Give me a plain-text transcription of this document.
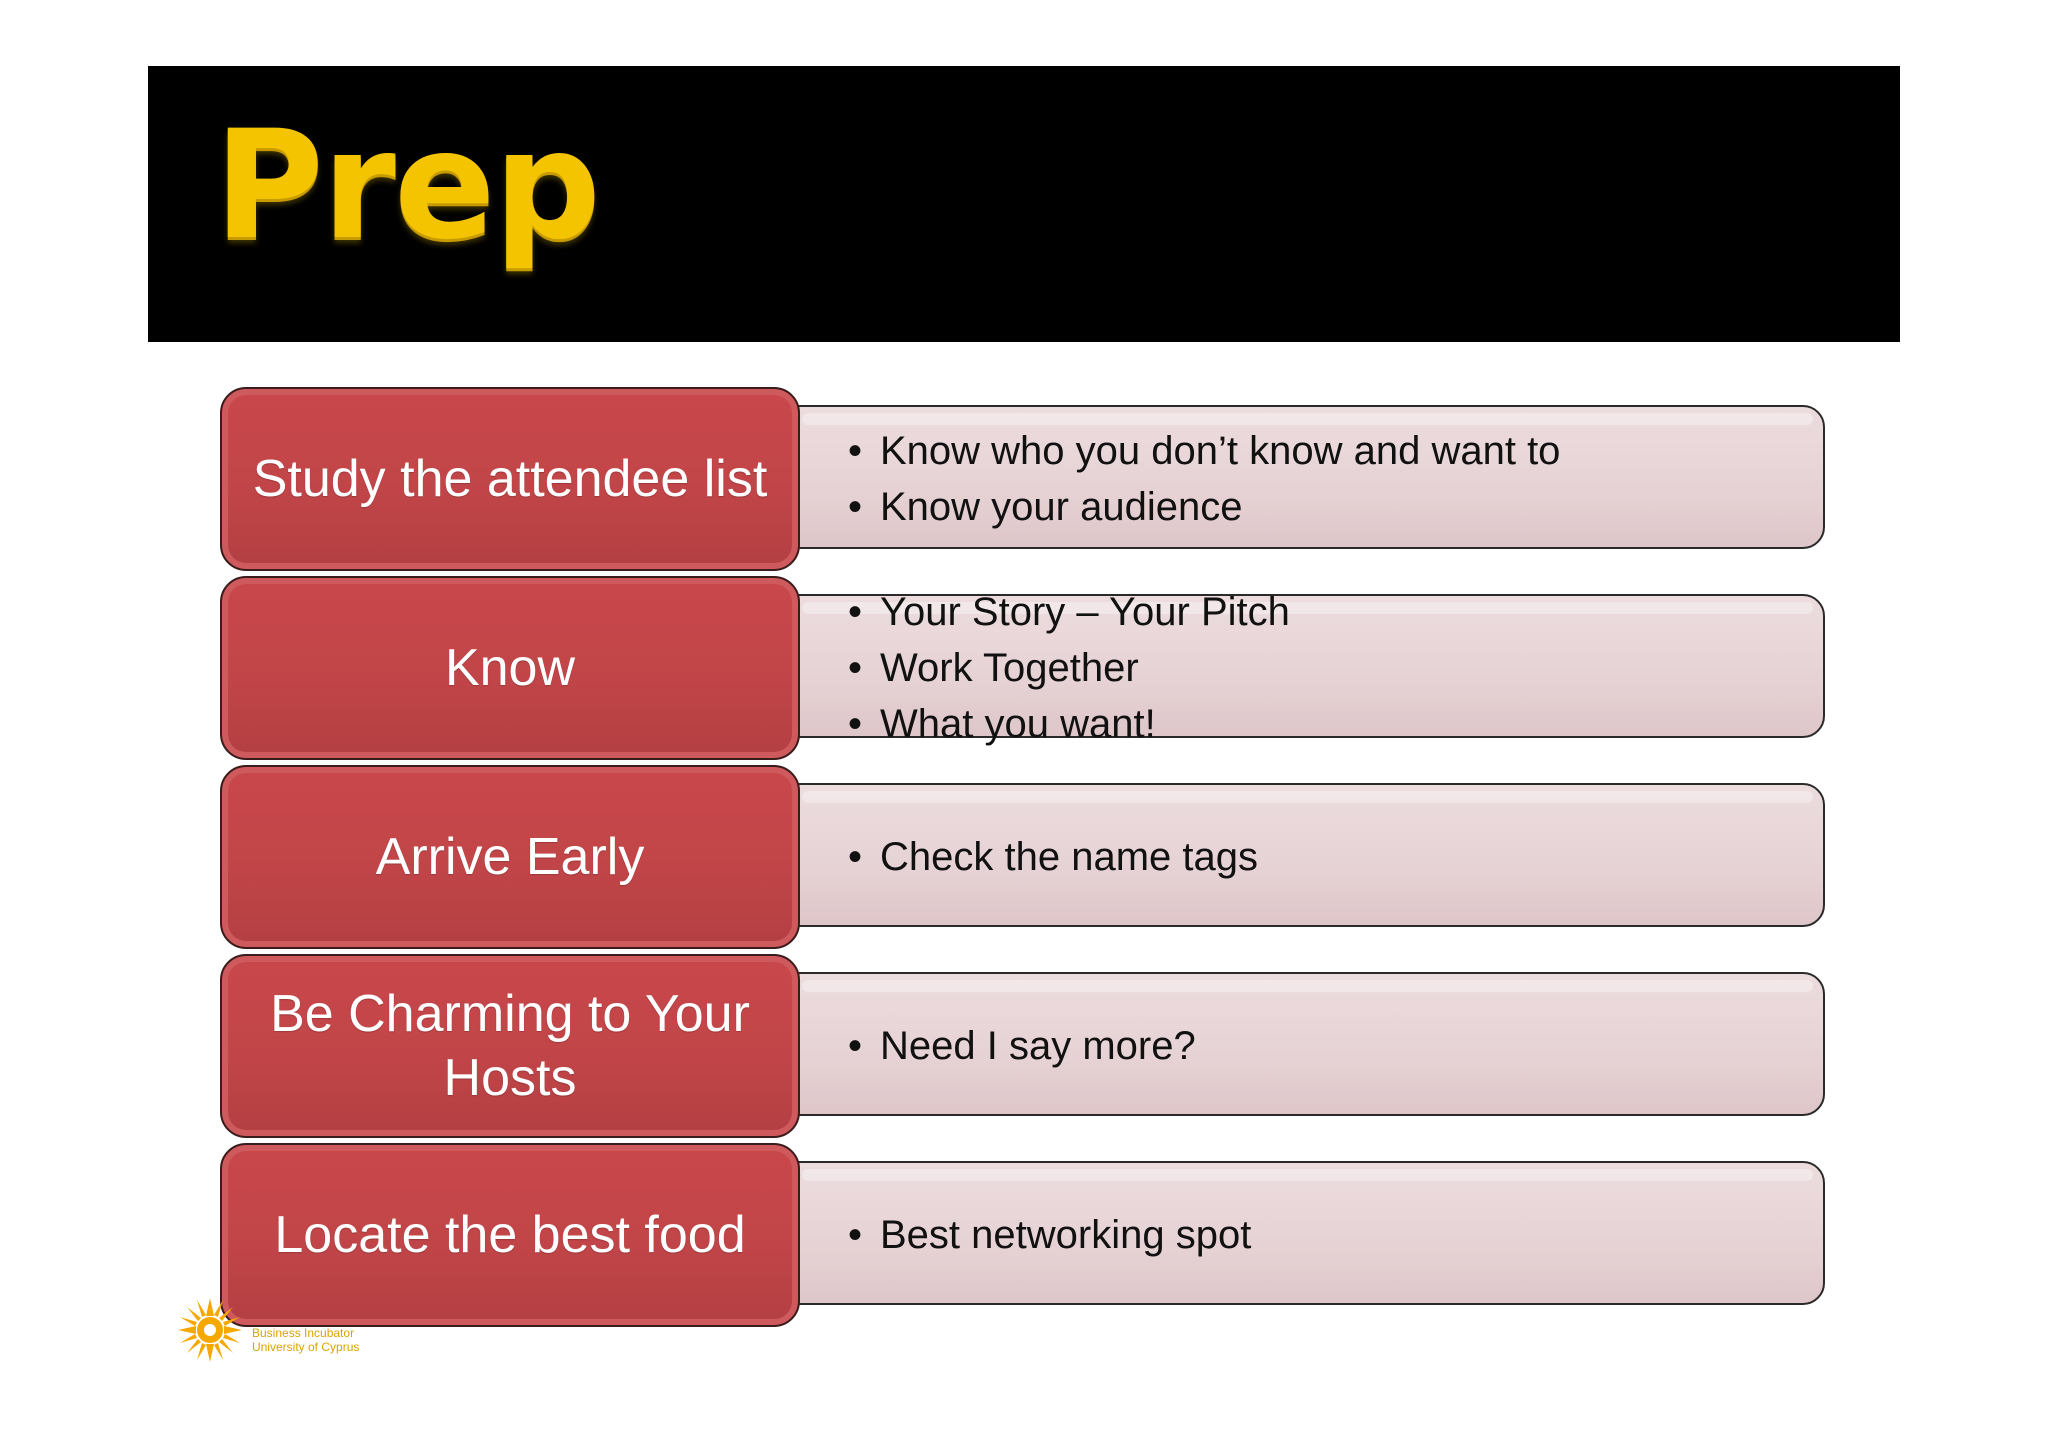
Prep
• Know who you don’t know and want to
• Know your audience
Study the attendee list
• Your Story – Your Pitch
• Work Together
• What you want!
Know
• Check the name tags
Arrive Early
• Need I say more?
Be Charming to Your Hosts
• Best networking spot
Locate the best food
Business Incubator
University of Cyprus
